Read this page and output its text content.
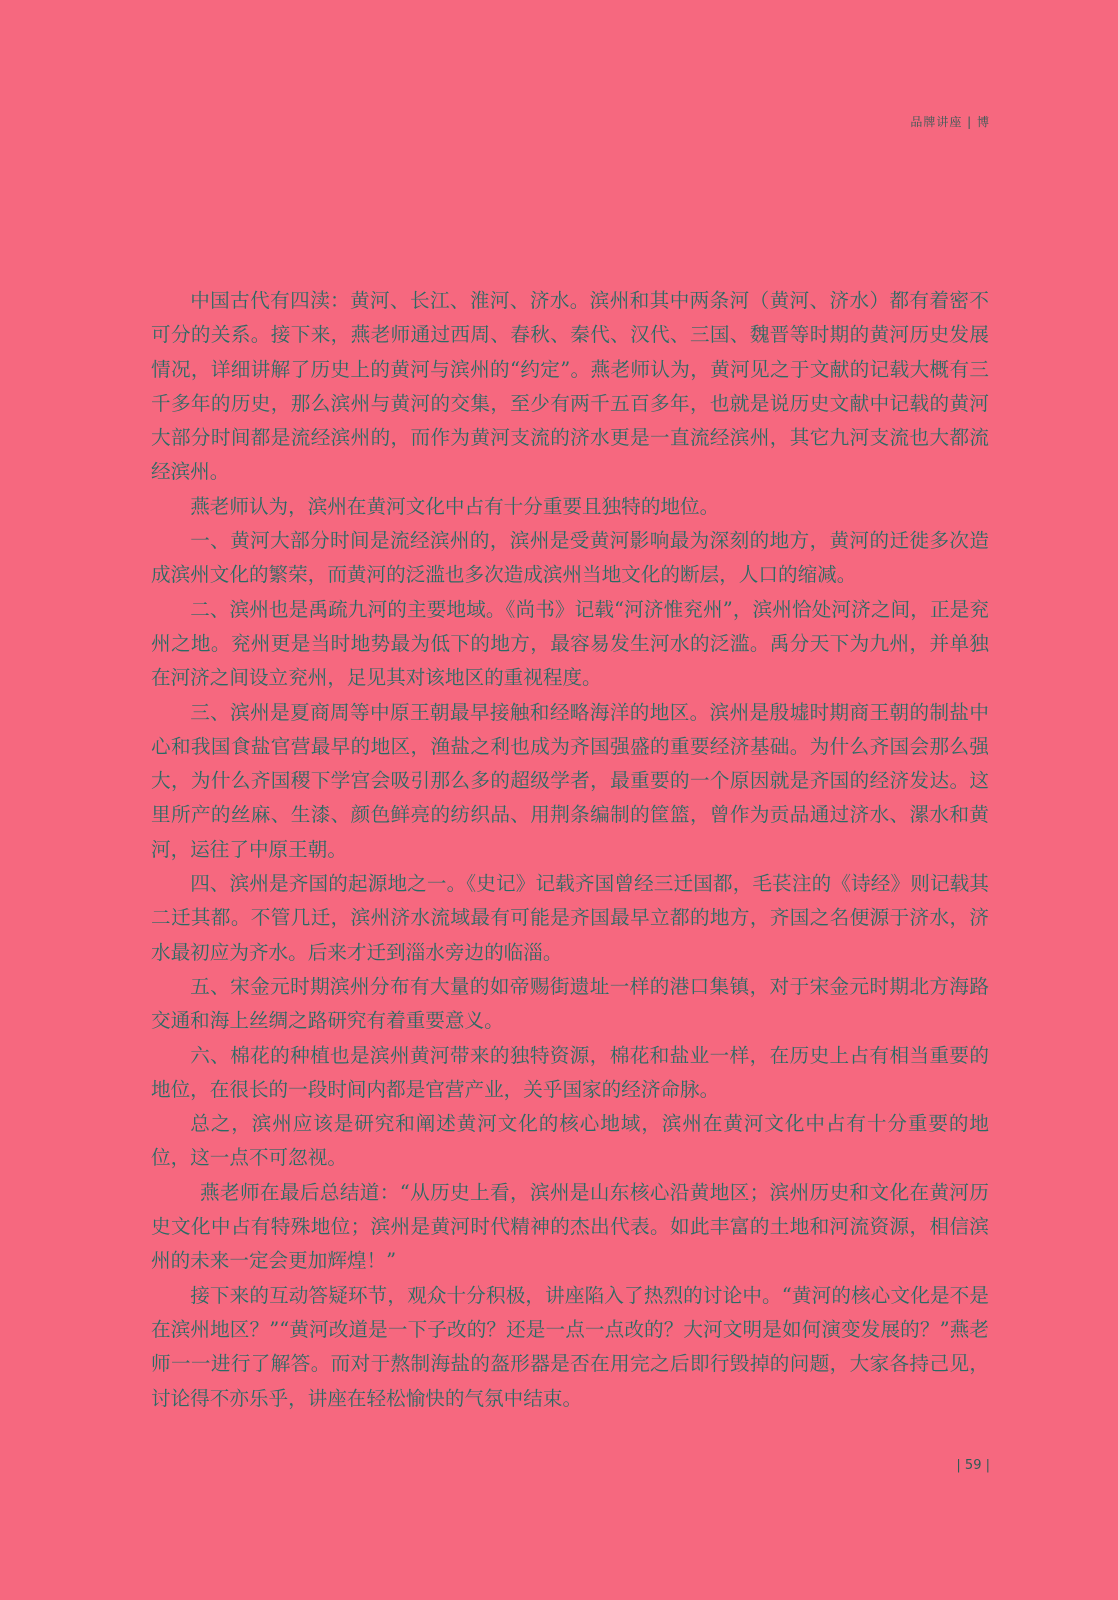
品牌讲座 | 博

中国古代有四渎：黄河、长江、淮河、济水。滨州和其中两条河（黄河、济水）都有着密不可分的关系。接下来，燕老师通过西周、春秋、秦代、汉代、三国、魏晋等时期的黄河历史发展情况，详细讲解了历史上的黄河与滨州的“约定”。燕老师认为，黄河见之于文献的记载大概有三千多年的历史，那么滨州与黄河的交集，至少有两千五百多年，也就是说历史文献中记载的黄河大部分时间都是流经滨州的，而作为黄河支流的济水更是一直流经滨州，其它九河支流也大都流经滨州。

燕老师认为，滨州在黄河文化中占有十分重要且独特的地位。

一、黄河大部分时间是流经滨州的，滨州是受黄河影响最为深刻的地方，黄河的迁徙多次造成滨州文化的繁荣，而黄河的泛滥也多次造成滨州当地文化的断层，人口的缩减。

二、滨州也是禹疏九河的主要地域。《尚书》记载“河济惟兖州”，滨州恰处河济之间，正是兖州之地。兖州更是当时地势最为低下的地方，最容易发生河水的泛滥。禹分天下为九州，并单独在河济之间设立兖州，足见其对该地区的重视程度。

三、滨州是夏商周等中原王朝最早接触和经略海洋的地区。滨州是殷墟时期商王朝的制盐中心和我国食盐官营最早的地区，渔盐之利也成为齐国强盛的重要经济基础。为什么齐国会那么强大，为什么齐国稷下学宫会吸引那么多的超级学者，最重要的一个原因就是齐国的经济发达。这里所产的丝麻、生漆、颜色鲜亮的纺织品、用荆条编制的筐篮，曾作为贡品通过济水、漯水和黄河，运往了中原王朝。

四、滨州是齐国的起源地之一。《史记》记载齐国曾经三迁国都，毛苌注的《诗经》则记载其二迁其都。不管几迁，滨州济水流域最有可能是齐国最早立都的地方，齐国之名便源于济水，济水最初应为齐水。后来才迁到淄水旁边的临淄。

五、宋金元时期滨州分布有大量的如帝赐街遗址一样的港口集镇，对于宋金元时期北方海路交通和海上丝绸之路研究有着重要意义。

六、棉花的种植也是滨州黄河带来的独特资源，棉花和盐业一样，在历史上占有相当重要的地位，在很长的一段时间内都是官营产业，关乎国家的经济命脉。

总之，滨州应该是研究和阐述黄河文化的核心地域，滨州在黄河文化中占有十分重要的地位，这一点不可忽视。

燕老师在最后总结道：“从历史上看，滨州是山东核心沿黄地区；滨州历史和文化在黄河历史文化中占有特殊地位；滨州是黄河时代精神的杰出代表。如此丰富的土地和河流资源，相信滨州的未来一定会更加辉煌！”

接下来的互动答疑环节，观众十分积极，讲座陷入了热烈的讨论中。“黄河的核心文化是不是在滨州地区？”“黄河改道是一下子改的？还是一点一点改的？大河文明是如何演变发展的？”燕老师一一进行了解答。而对于熬制海盐的盔形器是否在用完之后即行毁掉的问题，大家各持己见，讨论得不亦乐乎，讲座在轻松愉快的气氛中结束。

| 59 |
